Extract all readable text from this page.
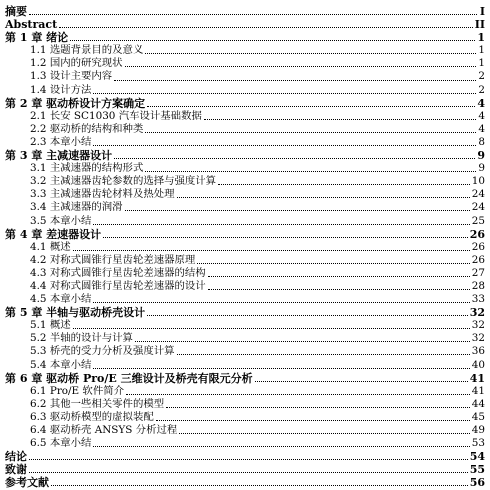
摘要	I
Abstract	II
第 1 章 绪论	1
1.1 选题背景目的及意义	1
1.2 国内的研究现状	1
1.3 设计主要内容	2
1.4 设计方法	2
第 2 章 驱动桥设计方案确定	4
2.1 长安 SC1030 汽车设计基础数据	4
2.2 驱动桥的结构和种类	4
2.3 本章小结	8
第 3 章 主减速器设计	9
3.1 主减速器的结构形式	9
3.2 主减速器齿轮参数的选择与强度计算	10
3.3 主减速器齿轮材料及热处理	24
3.4 主减速器的润滑	24
3.5 本章小结	25
第 4 章 差速器设计	26
4.1 概述	26
4.2 对称式圆锥行星齿轮差速器原理	26
4.3 对称式圆锥行星齿轮差速器的结构	27
4.4 对称式圆锥行星齿轮差速器的设计	28
4.5 本章小结	33
第 5 章 半轴与驱动桥壳设计	32
5.1 概述	32
5.2 半轴的设计与计算	32
5.3 桥壳的受力分析及强度计算	36
5.4 本章小结	40
第 6 章 驱动桥 Pro/E 三维设计及桥壳有限元分析	41
6.1 Pro/E 软件简介	41
6.2 其他一些相关零件的模型	44
6.3 驱动桥模型的虚拟装配	45
6.4 驱动桥壳 ANSYS 分析过程	49
6.5 本章小结	53
结论	54
致谢	55
参考文献	56
